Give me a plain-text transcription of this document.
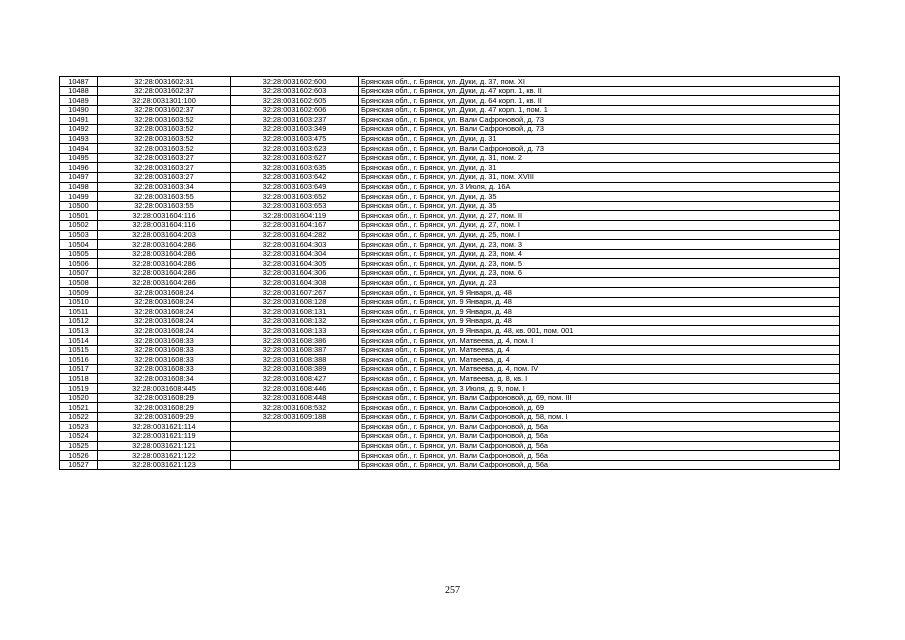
10487	32:28:0031602:31	32:28:0031602:600	Брянская обл., г. Брянск, ул. Дуки, д. 37, пом. XI
10488	32:28:0031602:37	32:28:0031602:603	Брянская обл., г. Брянск, ул. Дуки, д. 47 корп. 1, кв. II
10489	32:28:0031301:100	32:28:0031602:605	Брянская обл., г. Брянск, ул. Дуки, д. 64 корп. 1, кв. II
10490	32:28:0031602:37	32:28:0031602:606	Брянская обл., г. Брянск, ул. Дуки, д. 47 корп. 1, пом. 1
10491	32:28:0031603:52	32:28:0031603:237	Брянская обл., г. Брянск, ул. Вали Сафроновой, д. 73
10492	32:28:0031603:52	32:28:0031603:349	Брянская обл., г. Брянск, ул. Вали Сафроновой, д. 73
10493	32:28:0031603:52	32:28:0031603:475	Брянская обл., г. Брянск, ул. Дуки, д. 31
10494	32:28:0031603:52	32:28:0031603:623	Брянская обл., г. Брянск, ул. Вали Сафроновой, д. 73
10495	32:28:0031603:27	32:28:0031603:627	Брянская обл., г. Брянск, ул. Дуки, д. 31, пом. 2
10496	32:28:0031603:27	32:28:0031603:635	Брянская обл., г. Брянск, ул. Дуки, д. 31
10497	32:28:0031603:27	32:28:0031603:642	Брянская обл., г. Брянск, ул. Дуки, д. 31, пом. XVIII
10498	32:28:0031603:34	32:28:0031603:649	Брянская обл., г. Брянск, ул. 3 Июля, д. 16А
10499	32:28:0031603:55	32:28:0031603:652	Брянская обл., г. Брянск, ул. Дуки, д. 35
10500	32:28:0031603:55	32:28:0031603:653	Брянская обл., г. Брянск, ул. Дуки, д. 35
10501	32:28:0031604:116	32:28:0031604:119	Брянская обл., г. Брянск, ул. Дуки, д. 27, пом. II
10502	32:28:0031604:116	32:28:0031604:167	Брянская обл., г. Брянск, ул. Дуки, д. 27, пом. I
10503	32:28:0031604:203	32:28:0031604:282	Брянская обл., г. Брянск, ул. Дуки, д. 25, пом. I
10504	32:28:0031604:286	32:28:0031604:303	Брянская обл., г. Брянск, ул. Дуки, д. 23, пом. 3
10505	32:28:0031604:286	32:28:0031604:304	Брянская обл., г. Брянск, ул. Дуки, д. 23, пом. 4
10506	32:28:0031604:286	32:28:0031604:305	Брянская обл., г. Брянск, ул. Дуки, д. 23, пом. 5
10507	32:28:0031604:286	32:28:0031604:306	Брянская обл., г. Брянск, ул. Дуки, д. 23, пом. 6
10508	32:28:0031604:286	32:28:0031604:308	Брянская обл., г. Брянск, ул. Дуки, д. 23
10509	32:28:0031608:24	32:28:0031607:267	Брянская обл., г. Брянск, ул. 9 Января, д. 48
10510	32:28:0031608:24	32:28:0031608:128	Брянская обл., г. Брянск, ул. 9 Января, д. 48
10511	32:28:0031608:24	32:28:0031608:131	Брянская обл., г. Брянск, ул. 9 Января, д. 48
10512	32:28:0031608:24	32:28:0031608:132	Брянская обл., г. Брянск, ул. 9 Января, д. 48
10513	32:28:0031608:24	32:28:0031608:133	Брянская обл., г. Брянск, ул. 9 Января, д. 48, кв. 001, пом. 001
10514	32:28:0031608:33	32:28:0031608:386	Брянская обл., г. Брянск, ул. Матвеева, д. 4, пом. I
10515	32:28:0031608:33	32:28:0031608:387	Брянская обл., г. Брянск, ул. Матвеева, д. 4
10516	32:28:0031608:33	32:28:0031608:388	Брянская обл., г. Брянск, ул. Матвеева, д. 4
10517	32:28:0031608:33	32:28:0031608:389	Брянская обл., г. Брянск, ул. Матвеева, д. 4, пом. IV
10518	32:28:0031608:34	32:28:0031608:427	Брянская обл., г. Брянск, ул. Матвеева, д. 8, кв. I
10519	32:28:0031608:445	32:28:0031608:446	Брянская обл., г. Брянск, ул. 3 Июля, д. 9, пом. I
10520	32:28:0031608:29	32:28:0031608:448	Брянская обл., г. Брянск, ул. Вали Сафроновой, д. 69, пом. III
10521	32:28:0031608:29	32:28:0031608:532	Брянская обл., г. Брянск, ул. Вали Сафроновой, д. 69
10522	32:28:0031609:29	32:28:0031609:188	Брянская обл., г. Брянск, ул. Вали Сафроновой, д. 58, пом. I
10523	32:28:0031621:114		Брянская обл., г. Брянск, ул. Вали Сафроновой, д. 56а
10524	32:28:0031621:119		Брянская обл., г. Брянск, ул. Вали Сафроновой, д. 56а
10525	32:28:0031621:121		Брянская обл., г. Брянск, ул. Вали Сафроновой, д. 56а
10526	32:28:0031621:122		Брянская обл., г. Брянск, ул. Вали Сафроновой, д. 56а
10527	32:28:0031621:123		Брянская обл., г. Брянск, ул. Вали Сафроновой, д. 56а
257
